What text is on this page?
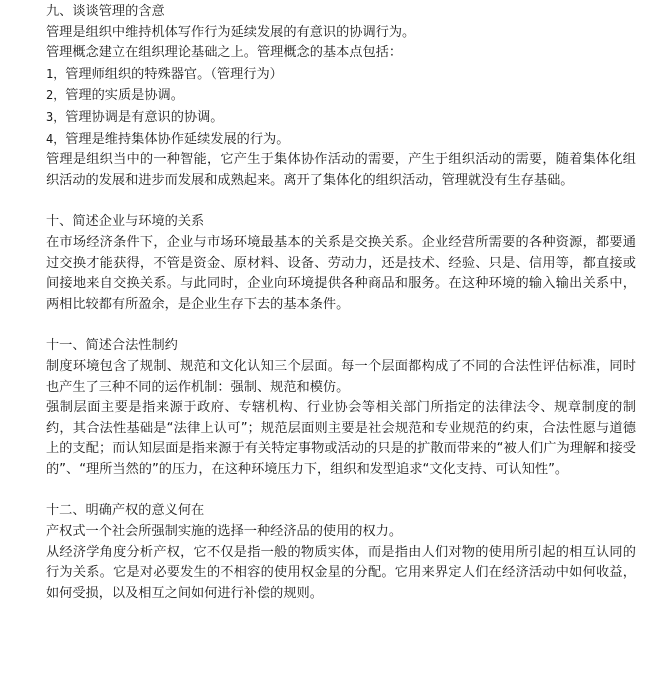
九、谈谈管理的含意
管理是组织中维持机体写作行为延续发展的有意识的协调行为。
管理概念建立在组织理论基础之上。管理概念的基本点包括：
1，管理师组织的特殊器官。（管理行为）
2，管理的实质是协调。
3，管理协调是有意识的协调。
4，管理是维持集体协作延续发展的行为。
管理是组织当中的一种智能，它产生于集体协作活动的需要，产生于组织活动的需要，随着集体化组织活动的发展和进步而发展和成熟起来。离开了集体化的组织活动，管理就没有生存基础。
十、简述企业与环境的关系
在市场经济条件下，企业与市场环境最基本的关系是交换关系。企业经营所需要的各种资源，都要通过交换才能获得，不管是资金、原材料、设备、劳动力，还是技术、经验、只是、信用等，都直接或间接地来自交换关系。与此同时，企业向环境提供各种商品和服务。在这种环境的输入输出关系中，两相比较都有所盈余，是企业生存下去的基本条件。
十一、简述合法性制约
制度环境包含了规制、规范和文化认知三个层面。每一个层面都构成了不同的合法性评估标准，同时也产生了三种不同的运作机制：强制、规范和模仿。
强制层面主要是指来源于政府、专辖机构、行业协会等相关部门所指定的法律法令、规章制度的制约，其合法性基础是“法律上认可”；规范层面则主要是社会规范和专业规范的约束，合法性愿与道德上的支配；而认知层面是指来源于有关特定事物或活动的只是的扩散而带来的“被人们广为理解和接受的”、“理所当然的”的压力，在这种环境压力下，组织和发型追求“文化支持、可认知性”。
十二、明确产权的意义何在
产权式一个社会所强制实施的选择一种经济品的使用的权力。
从经济学角度分析产权，它不仅是指一般的物质实体，而是指由人们对物的使用所引起的相互认同的行为关系。它是对必要发生的不相容的使用权金星的分配。它用来界定人们在经济活动中如何收益，如何受损，以及相互之间如何进行补偿的规则。
